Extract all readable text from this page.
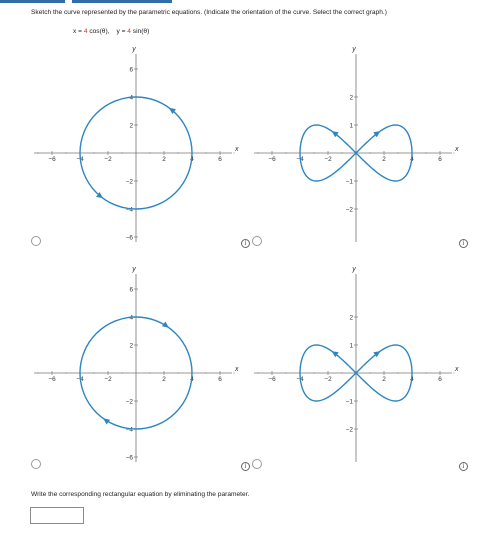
Sketch the curve represented by the parametric equations. (Indicate the orientation of the curve. Select the correct graph.)
x = 4 cos(θ), y = 4 sin(θ)
−6	−4	−2	2	4	6
6
4
2
−2
−4
−6
x
y
−6	−4	−2	2	4	6
2
1
−1
−2
x
y
−6	−4	−2	2	4	6
6
4
2
−2
−4
−6
x
y
−6	−4	−2	2	4	6
2
1
−1
−2
x
y
i	i
i	i
Write the corresponding rectangular equation by eliminating the parameter.
